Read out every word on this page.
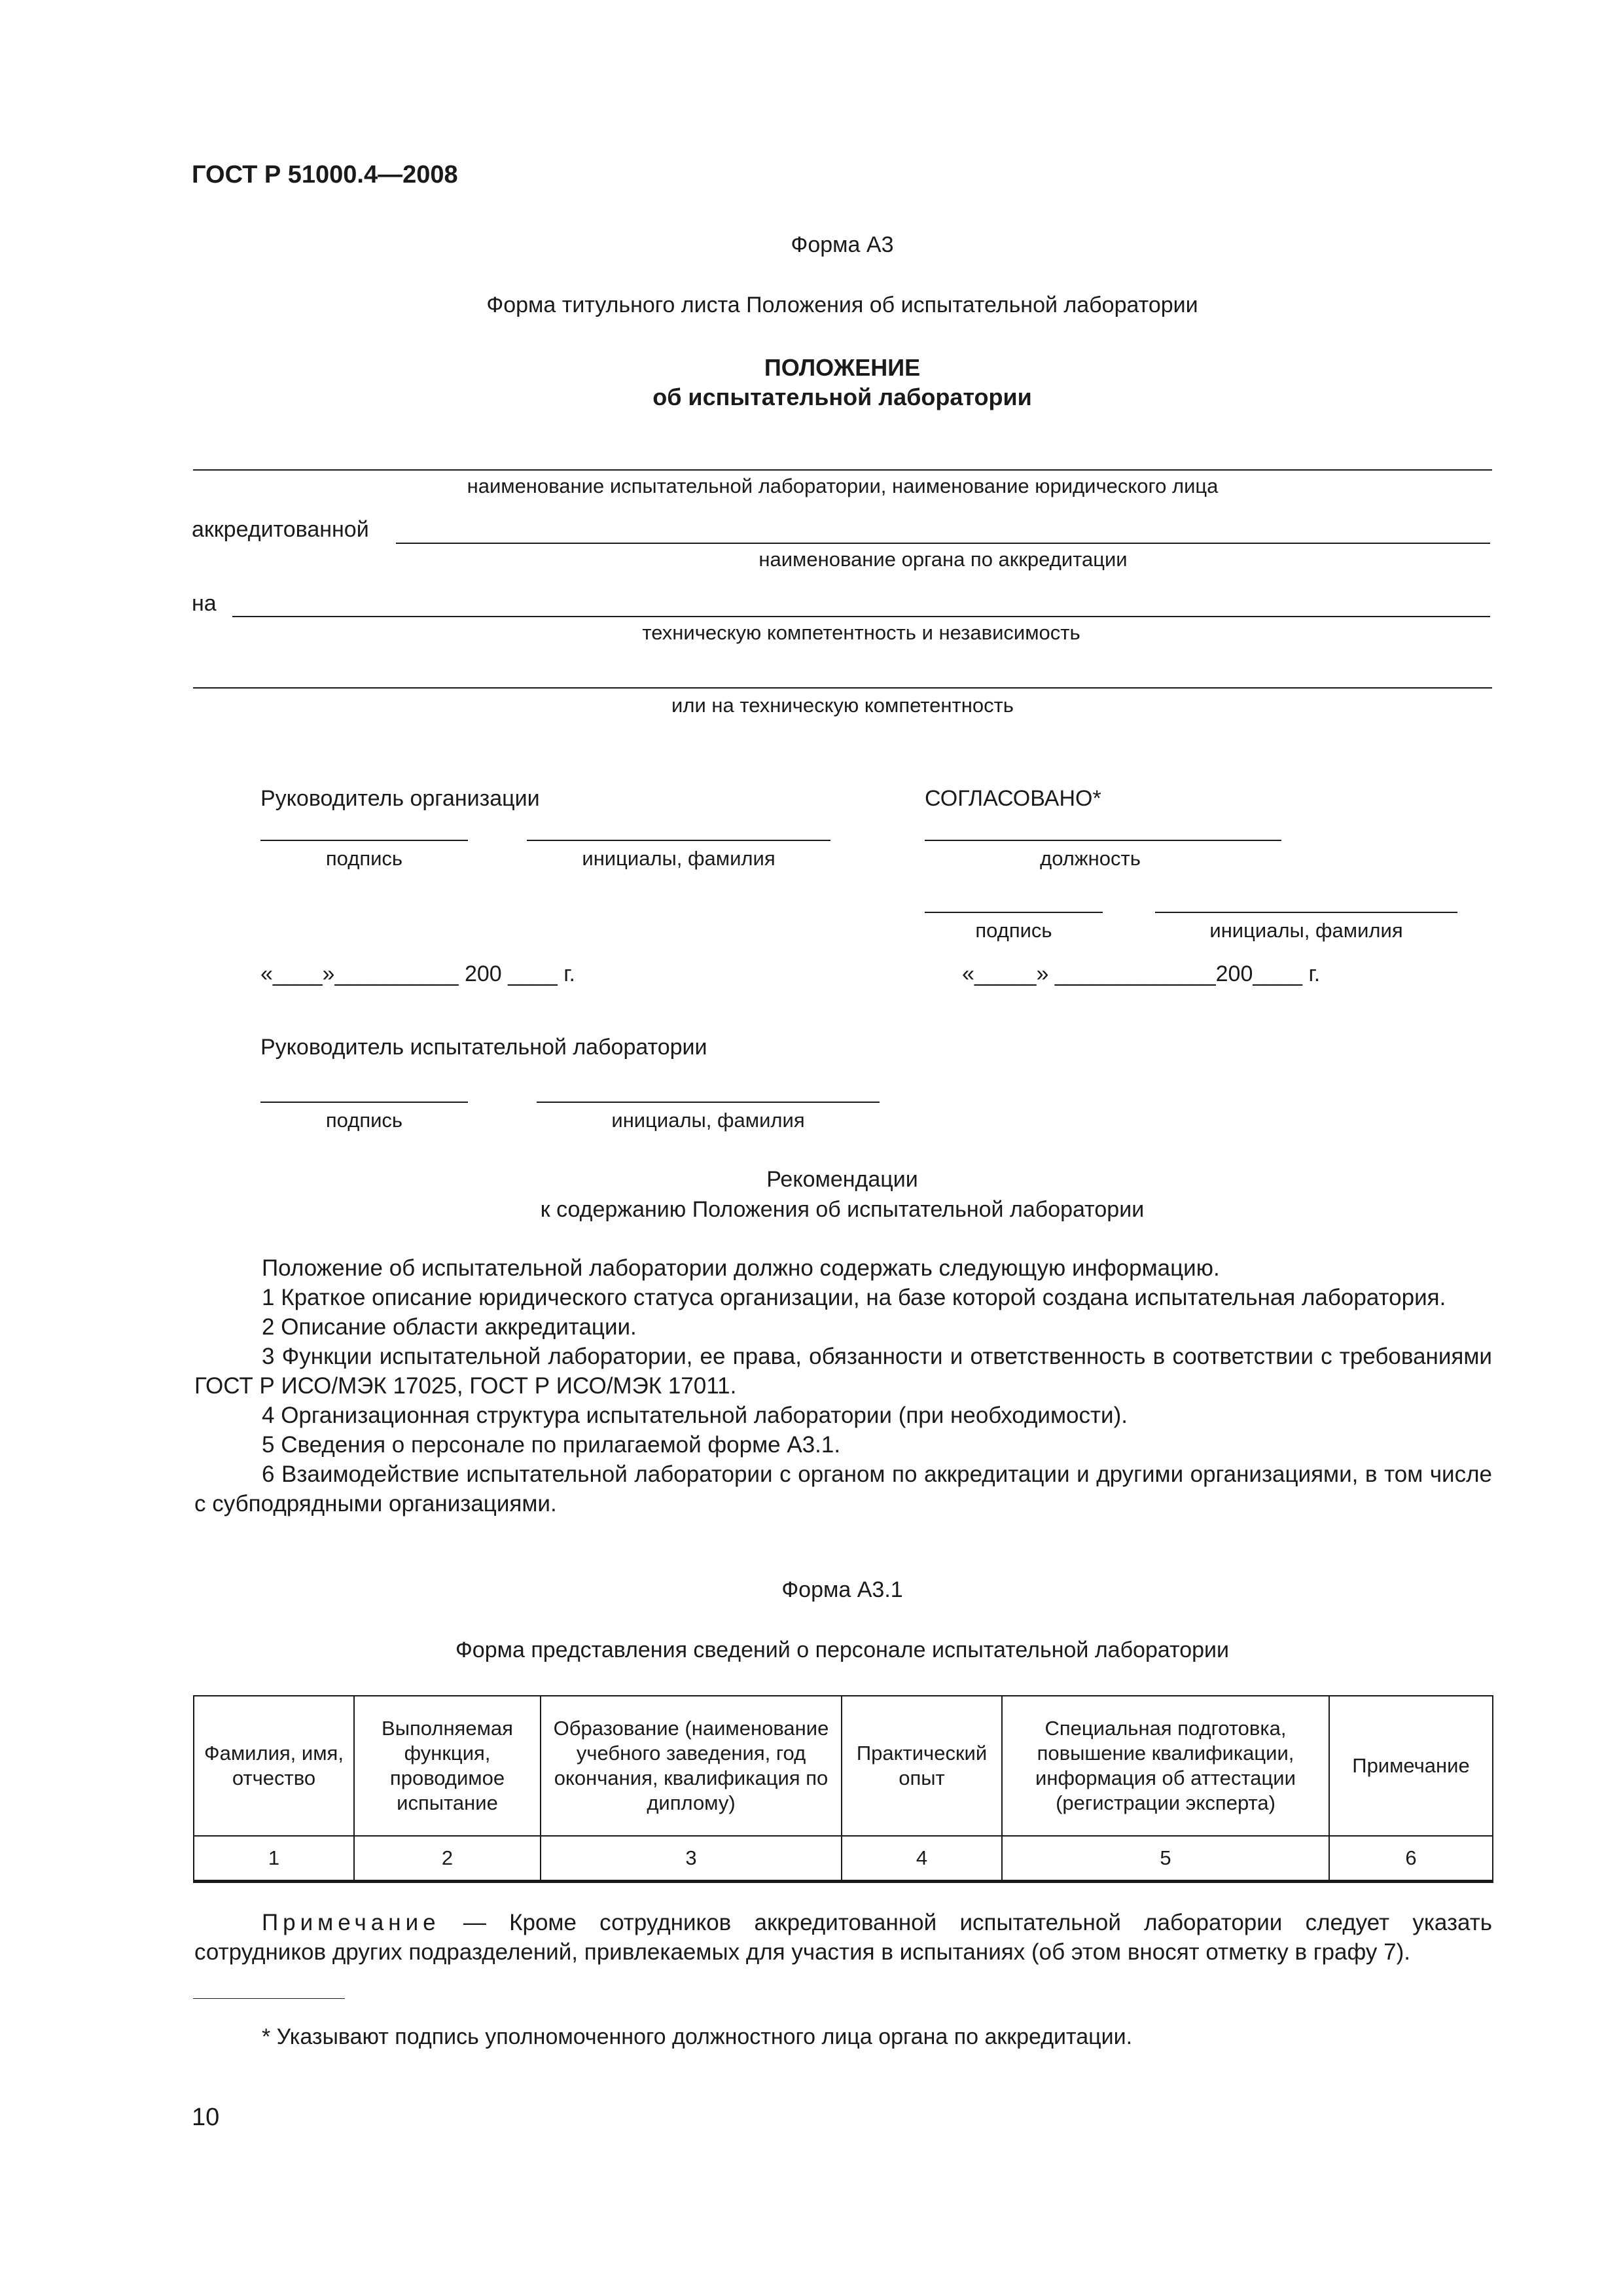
ГОСТ Р 51000.4—2008
Форма А3
Форма титульного листа Положения об испытательной лаборатории
ПОЛОЖЕНИЕ
об испытательной лаборатории
наименование испытательной лаборатории, наименование юридического лица
аккредитованной
наименование органа по аккредитации
на
техническую компетентность и независимость
или на техническую компетентность
Руководитель организации	СОГЛАСОВАНО*
подпись	инициалы, фамилия	должность
подпись	инициалы, фамилия
«____»__________ 200 ____ г.	«_____» _____________200____ г.
Руководитель испытательной лаборатории
подпись	инициалы, фамилия
Рекомендации
к содержанию Положения об испытательной лаборатории
Положение об испытательной лаборатории должно содержать следующую информацию.
1 Краткое описание юридического статуса организации, на базе которой создана испытательная лаборатория.
2 Описание области аккредитации.
3 Функции испытательной лаборатории, ее права, обязанности и ответственность в соответствии с требованиями ГОСТ Р ИСО/МЭК 17025, ГОСТ Р ИСО/МЭК 17011.
4 Организационная структура испытательной лаборатории (при необходимости).
5 Сведения о персонале по прилагаемой форме А3.1.
6 Взаимодействие испытательной лаборатории с органом по аккредитации и другими организациями, в том числе с субподрядными организациями.
Форма А3.1
Форма представления сведений о персонале испытательной лаборатории
Фамилия, имя, отчество	Выполняемая функция, проводимое испытание	Образование (наименование учебного заведения, год окончания, квалификация по диплому)	Практический опыт	Специальная подготовка, повышение квалификации, информация об аттестации (регистрации эксперта)	Примечание
1	2	3	4	5	6
Примечание — Кроме сотрудников аккредитованной испытательной лаборатории следует указать сотрудников других подразделений, привлекаемых для участия в испытаниях (об этом вносят отметку в графу 7).
* Указывают подпись уполномоченного должностного лица органа по аккредитации.
10
